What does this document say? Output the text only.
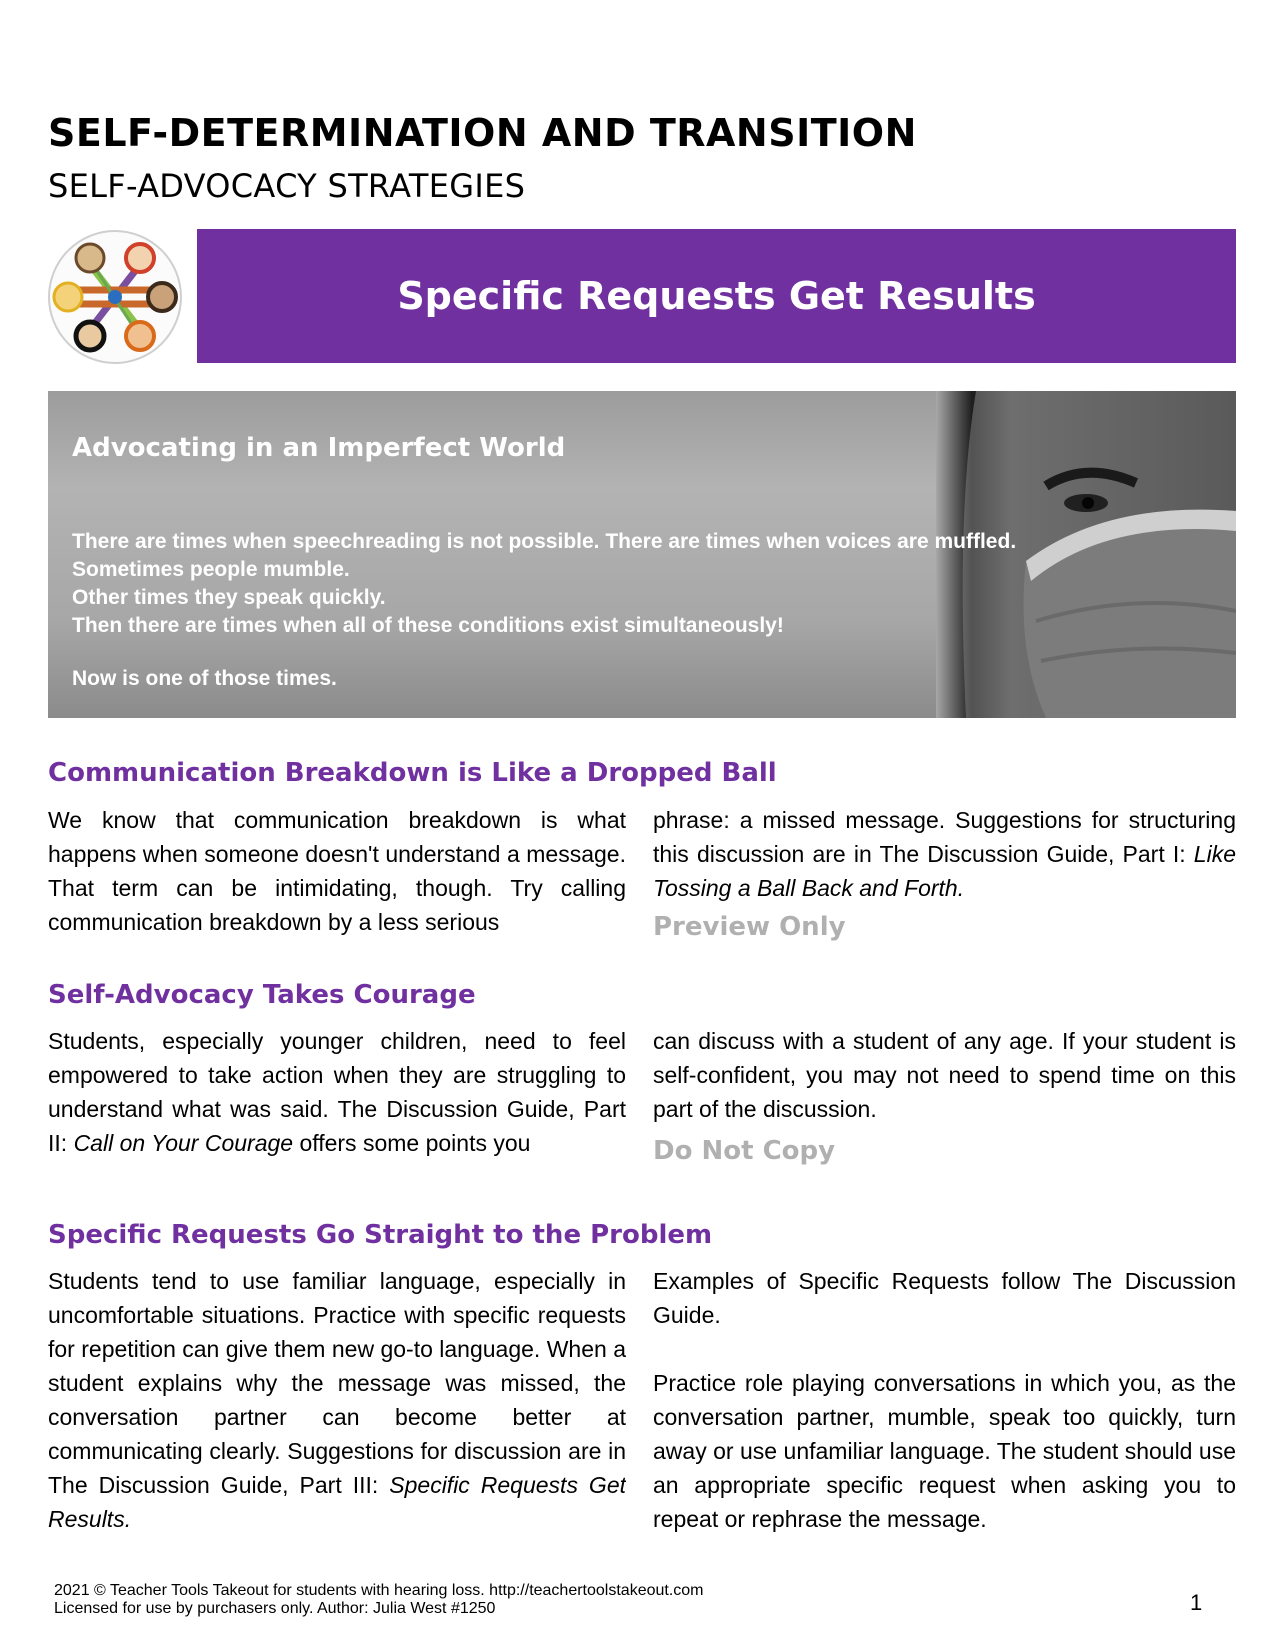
SELF-DETERMINATION AND TRANSITION
SELF-ADVOCACY STRATEGIES
Specific Requests Get Results
Advocating in an Imperfect World
There are times when speechreading is not possible. There are times when voices are muffled.
Sometimes people mumble.
Other times they speak quickly.
Then there are times when all of these conditions exist simultaneously!
Now is one of those times.
Communication Breakdown is Like a Dropped Ball

We know that communication breakdown is what happens when someone doesn't understand a message. That term can be intimidating, though. Try calling communication breakdown by a less serious

phrase: a missed message. Suggestions for structuring this discussion are in The Discussion Guide, Part I: Like Tossing a Ball Back and Forth.

Preview Only
Self-Advocacy Takes Courage

Students, especially younger children, need to feel empowered to take action when they are struggling to understand what was said. The Discussion Guide, Part II: Call on Your Courage offers some points you

can discuss with a student of any age. If your student is self-confident, you may not need to spend time on this part of the discussion.

Do Not Copy
Specific Requests Go Straight to the Problem

Students tend to use familiar language, especially in uncomfortable situations. Practice with specific requests for repetition can give them new go-to language. When a student explains why the message was missed, the conversation partner can become better at communicating clearly. Suggestions for discussion are in The Discussion Guide, Part III: Specific Requests Get Results.

Examples of Specific Requests follow The Discussion Guide.

Practice role playing conversations in which you, as the conversation partner, mumble, speak too quickly, turn away or use unfamiliar language. The student should use an appropriate specific request when asking you to repeat or rephrase the message.

2021 © Teacher Tools Takeout for students with hearing loss. http://teachertoolstakeout.com
Licensed for use by purchasers only. Author: Julia West #1250	1
